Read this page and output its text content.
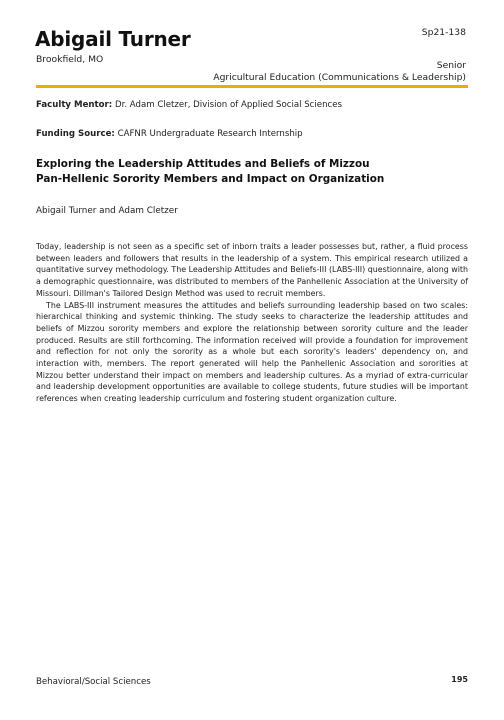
Abigail Turner
Brookfield, MO
Sp21-138
Senior
Agricultural Education (Communications & Leadership)
Faculty Mentor: Dr. Adam Cletzer, Division of Applied Social Sciences
Funding Source: CAFNR Undergraduate Research Internship
Exploring the Leadership Attitudes and Beliefs of Mizzou
Pan-Hellenic Sorority Members and Impact on Organization
Abigail Turner and Adam Cletzer

Today, leadership is not seen as a specific set of inborn traits a leader possesses but, rather, a fluid process between leaders and followers that results in the leadership of a system. This empirical research utilized a quantitative survey methodology. The Leadership Attitudes and Beliefs-III (LABS-III) questionnaire, along with a demographic questionnaire, was distributed to members of the Panhellenic Association at the University of Missouri. Dillman's Tailored Design Method was used to recruit members.

The LABS-III instrument measures the attitudes and beliefs surrounding leadership based on two scales: hierarchical thinking and systemic thinking. The study seeks to characterize the leadership attitudes and beliefs of Mizzou sorority members and explore the relationship between sorority culture and the leader produced. Results are still forthcoming. The information received will provide a foundation for improvement and reflection for not only the sorority as a whole but each sorority's leaders' dependency on, and interaction with, members. The report generated will help the Panhellenic Association and sororities at Mizzou better understand their impact on members and leadership cultures. As a myriad of extra-curricular and leadership development opportunities are available to college students, future studies will be important references when creating leadership curriculum and fostering student organization culture.

Behavioral/Social Sciences	195
